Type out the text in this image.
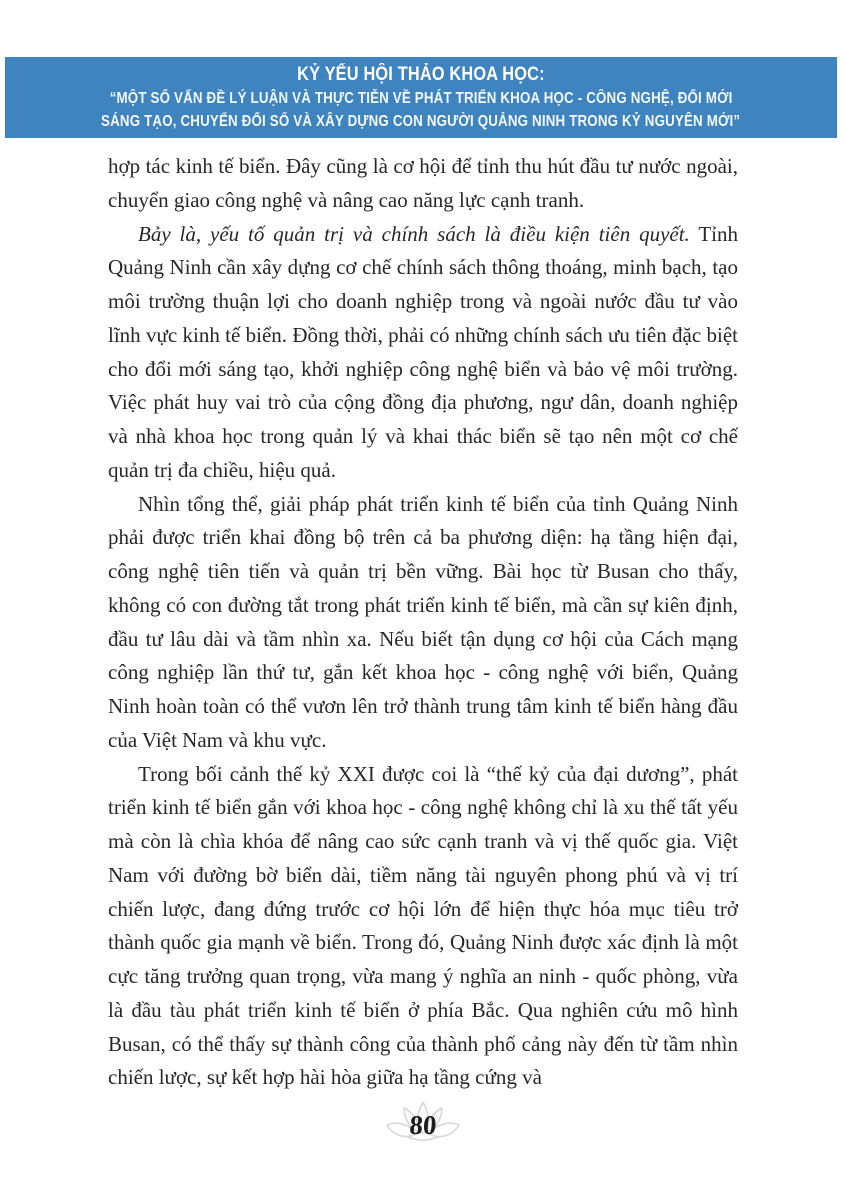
KỶ YẾU HỘI THẢO KHOA HỌC:
“MỘT SỐ VẤN ĐỀ LÝ LUẬN VÀ THỰC TIỄN VỀ PHÁT TRIỂN KHOA HỌC - CÔNG NGHỆ, ĐỔI MỚI
SÁNG TẠO, CHUYỂN ĐỔI SỐ VÀ XÂY DỰNG CON NGƯỜI QUẢNG NINH TRONG KỶ NGUYÊN MỚI”

hợp tác kinh tế biển. Đây cũng là cơ hội để tỉnh thu hút đầu tư nước ngoài, chuyển giao công nghệ và nâng cao năng lực cạnh tranh.

Bảy là, yếu tố quản trị và chính sách là điều kiện tiên quyết. Tỉnh Quảng Ninh cần xây dựng cơ chế chính sách thông thoáng, minh bạch, tạo môi trường thuận lợi cho doanh nghiệp trong và ngoài nước đầu tư vào lĩnh vực kinh tế biển. Đồng thời, phải có những chính sách ưu tiên đặc biệt cho đổi mới sáng tạo, khởi nghiệp công nghệ biển và bảo vệ môi trường. Việc phát huy vai trò của cộng đồng địa phương, ngư dân, doanh nghiệp và nhà khoa học trong quản lý và khai thác biển sẽ tạo nên một cơ chế quản trị đa chiều, hiệu quả.

Nhìn tổng thể, giải pháp phát triển kinh tế biển của tỉnh Quảng Ninh phải được triển khai đồng bộ trên cả ba phương diện: hạ tầng hiện đại, công nghệ tiên tiến và quản trị bền vững. Bài học từ Busan cho thấy, không có con đường tắt trong phát triển kinh tế biển, mà cần sự kiên định, đầu tư lâu dài và tầm nhìn xa. Nếu biết tận dụng cơ hội của Cách mạng công nghiệp lần thứ tư, gắn kết khoa học - công nghệ với biển, Quảng Ninh hoàn toàn có thể vươn lên trở thành trung tâm kinh tế biển hàng đầu của Việt Nam và khu vực.

Trong bối cảnh thế kỷ XXI được coi là “thế kỷ của đại dương”, phát triển kinh tế biển gắn với khoa học - công nghệ không chỉ là xu thế tất yếu mà còn là chìa khóa để nâng cao sức cạnh tranh và vị thế quốc gia. Việt Nam với đường bờ biển dài, tiềm năng tài nguyên phong phú và vị trí chiến lược, đang đứng trước cơ hội lớn để hiện thực hóa mục tiêu trở thành quốc gia mạnh về biển. Trong đó, Quảng Ninh được xác định là một cực tăng trưởng quan trọng, vừa mang ý nghĩa an ninh - quốc phòng, vừa là đầu tàu phát triển kinh tế biển ở phía Bắc. Qua nghiên cứu mô hình Busan, có thể thấy sự thành công của thành phố cảng này đến từ tầm nhìn chiến lược, sự kết hợp hài hòa giữa hạ tầng cứng và

80
